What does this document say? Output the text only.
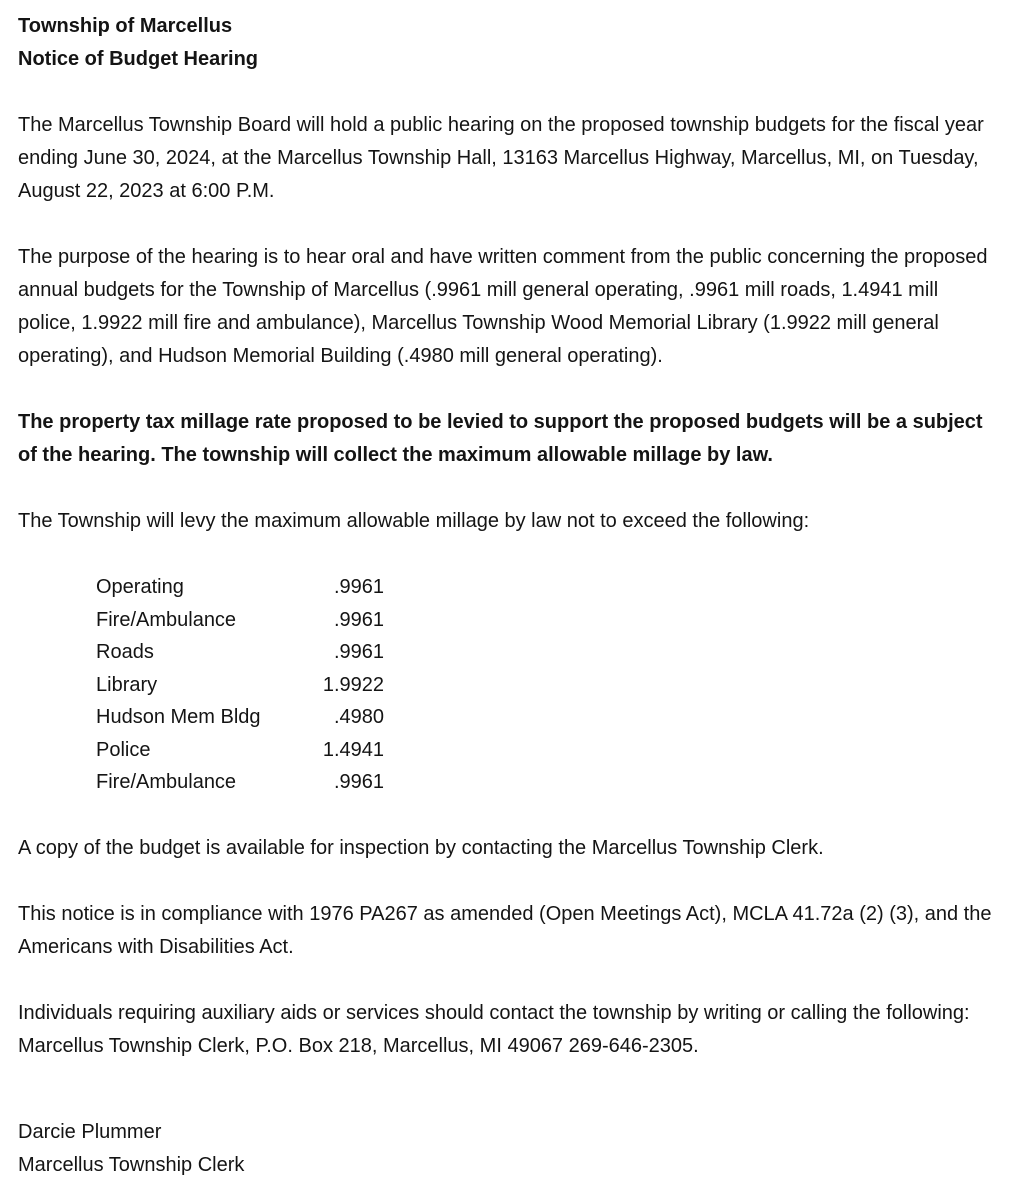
Township of Marcellus
Notice of Budget Hearing

The Marcellus Township Board will hold a public hearing on the proposed township budgets for the fiscal year ending June 30, 2024, at the Marcellus Township Hall, 13163 Marcellus Highway, Marcellus, MI, on Tuesday, August 22, 2023 at 6:00 P.M.

The purpose of the hearing is to hear oral and have written comment from the public concerning the proposed annual budgets for the Township of Marcellus (.9961 mill general operating, .9961 mill roads, 1.4941 mill police, 1.9922 mill fire and ambulance), Marcellus Township Wood Memorial Library (1.9922 mill general operating), and Hudson Memorial Building (.4980 mill general operating).

The property tax millage rate proposed to be levied to support the proposed budgets will be a subject of the hearing. The township will collect the maximum allowable millage by law.

The Township will levy the maximum allowable millage by law not to exceed the following:

Operating	.9961
Fire/Ambulance	.9961
Roads	.9961
Library	1.9922
Hudson Mem Bldg	.4980
Police	1.4941
Fire/Ambulance	.9961

A copy of the budget is available for inspection by contacting the Marcellus Township Clerk.

This notice is in compliance with 1976 PA267 as amended (Open Meetings Act), MCLA 41.72a (2) (3), and the Americans with Disabilities Act.

Individuals requiring auxiliary aids or services should contact the township by writing or calling the following: Marcellus Township Clerk, P.O. Box 218, Marcellus, MI 49067 269-646-2305.

Darcie Plummer
Marcellus Township Clerk
